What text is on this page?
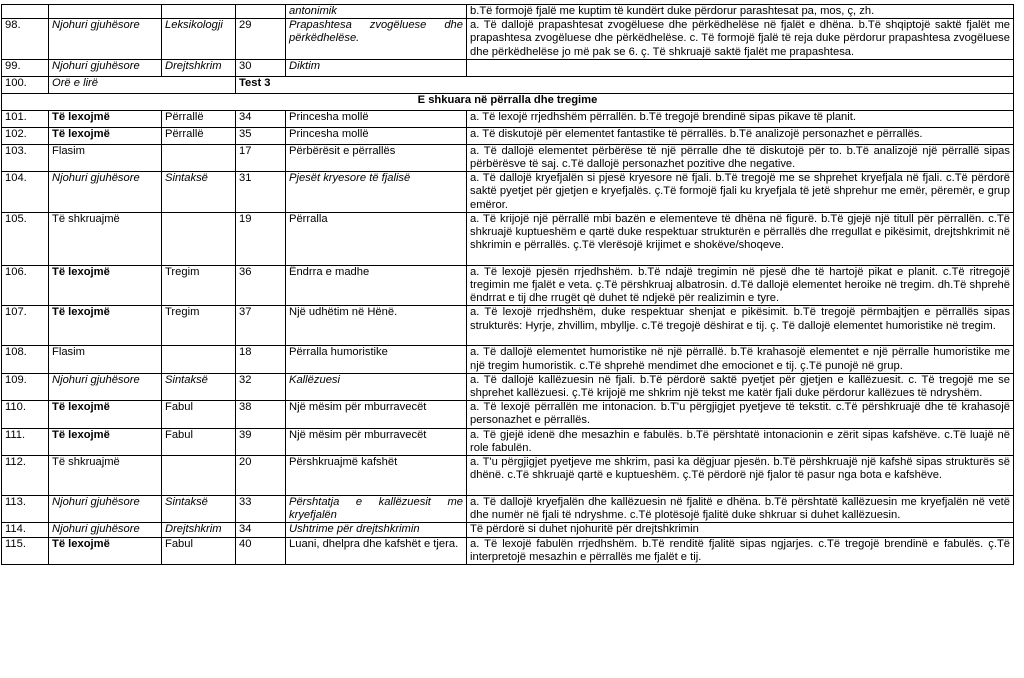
				antonimik	b.Të formojë fjalë me kuptim të kundërt duke përdorur parashtesat pa, mos, ç, zh.
98.	Njohuri gjuhësore	Leksikologji	29	Prapashtesa zvogëluese dhe përkëdhelëse.	a. Të dallojë prapashtesat zvogëluese dhe përkëdhelëse në fjalët e dhëna. b.Të shqiptojë saktë fjalët me prapashtesa zvogëluese dhe përkëdhelëse. c. Të formojë fjalë të reja duke përdorur prapashtesa zvogëluese dhe përkëdhelëse jo më pak se 6. ç. Të shkruajë saktë fjalët me prapashtesa.
99.	Njohuri gjuhësore	Drejtshkrim	30	Diktim	
100.	Orë e lirë		Test 3		
E shkuara në përralla dhe tregime					
101.	Të lexojmë	Përrallë	34	Princesha mollë	a. Të lexojë rrjedhshëm përrallën. b.Të tregojë brendinë sipas pikave të planit.
102.	Të lexojmë	Përrallë	35	Princesha mollë	a. Të diskutojë për elementet fantastike të përrallës. b.Të analizojë personazhet e përrallës.
103.	Flasim		17	Përbërësit e përrallës	a. Të dallojë elementet përbërëse të një përralle dhe të diskutojë për to. b.Të analizojë një përrallë sipas përbërësve të saj. c.Të dallojë personazhet pozitive dhe negative.
104.	Njohuri gjuhësore	Sintaksë	31	Pjesët kryesore të fjalisë	a. Të dallojë kryefjalën si pjesë kryesore në fjali. b.Të tregojë me se shprehet kryefjala në fjali. c.Të përdorë saktë pyetjet për gjetjen e kryefjalës. ç.Të formojë fjali ku kryefjala të jetë shprehur me emër, përemër, e grup emëror.
105.	Të shkruajmë		19	Përralla	a. Të krijojë një përrallë mbi bazën e elementeve të dhëna në figurë. b.Të gjejë një titull për përrallën. c.Të shkruajë kuptueshëm e qartë duke respektuar strukturën e përrallës dhe rregullat e pikësimit, drejtshkrimit në shkrimin e përrallës. ç.Të vlerësojë krijimet e shokëve/shoqeve.
106.	Të lexojmë	Tregim	36	Ëndrra e madhe	a. Të lexojë pjesën rrjedhshëm. b.Të ndajë tregimin në pjesë dhe të hartojë pikat e planit. c.Të ritregojë tregimin me fjalët e veta. ç.Të përshkruaj albatrosin. d.Të dallojë elementet heroike në tregim. dh.Të shprehë ëndrrat e tij dhe rrugët që duhet të ndjekë për realizimin e tyre.
107.	Të lexojmë	Tregim	37	Një udhëtim në Hënë.	a. Të lexojë rrjedhshëm, duke respektuar shenjat e pikësimit. b.Të tregojë përmbajtjen e përrallës sipas strukturës: Hyrje, zhvillim, mbyllje. c.Të tregojë dëshirat e tij. ç. Të dallojë elementet humoristike në tregim.
108.	Flasim		18	Përralla humoristike	a. Të dallojë elementet humoristike në një përrallë. b.Të krahasojë elementet e një përralle humoristike me një tregim humoristik. c.Të shprehë mendimet dhe emocionet e tij. ç.Të punojë në grup.
109.	Njohuri gjuhësore	Sintaksë	32	Kallëzuesi	a. Të dallojë kallëzuesin në fjali. b.Të përdorë saktë pyetjet për gjetjen e kallëzuesit. c. Të tregojë me se shprehet kallëzuesi. ç.Të krijojë me shkrim një tekst me katër fjali duke përdorur kallëzues të ndryshëm.
110.	Të lexojmë	Fabul	38	Një mësim për mburravecët	a. Të lexojë përrallën me intonacion. b.T'u përgjigjet pyetjeve të tekstit. c.Të përshkruajë dhe të krahasojë personazhet e përrallës.
111.	Të lexojmë	Fabul	39	Një mësim për mburravecët	a. Të gjejë idenë dhe mesazhin e fabulës. b.Të përshtatë intonacionin e zërit sipas kafshëve. c.Të luajë në role fabulën.
112.	Të shkruajmë		20	Përshkruajmë kafshët	a. T'u përgjigjet pyetjeve me shkrim, pasi ka dëgjuar pjesën. b.Të përshkruajë një kafshë sipas strukturës së dhënë. c.Të shkruajë qartë e kuptueshëm. ç.Të përdorë një fjalor të pasur nga bota e kafshëve.
113.	Njohuri gjuhësore	Sintaksë	33	Përshtatja e kallëzuesit me kryefjalën	a. Të dallojë kryefjalën dhe kallëzuesin në fjalitë e dhëna. b.Të përshtatë kallëzuesin me kryefjalën në vetë dhe numër në fjali të ndryshme. c.Të plotësojë fjalitë duke shkruar si duhet kallëzuesin.
114.	Njohuri gjuhësore	Drejtshkrim	34	Ushtrime për drejtshkrimin	Të përdorë si duhet njohuritë për drejtshkrimin
115.	Të lexojmë	Fabul	40	Luani, dhelpra dhe kafshët e tjera.	a. Të lexojë fabulën rrjedhshëm. b.Të renditë fjalitë sipas ngjarjes. c.Të tregojë brendinë e fabulës. ç.Të interpretojë mesazhin e përrallës me fjalët e tij.
